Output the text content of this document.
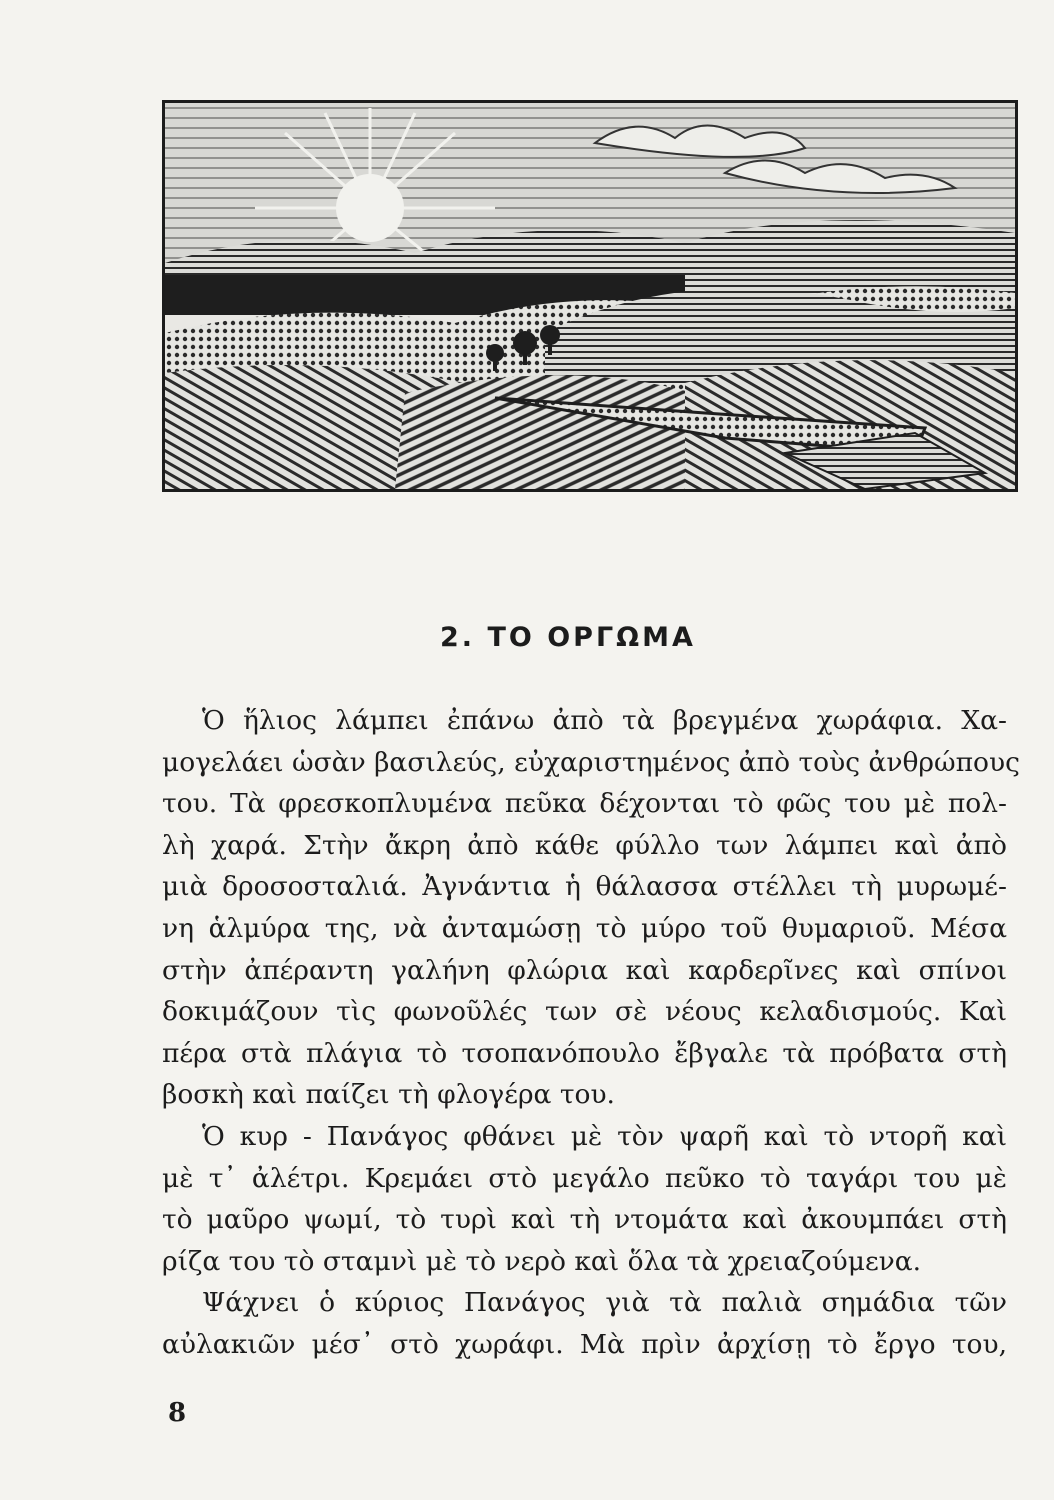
2. ΤΟ ΟΡΓΩΜΑ

Ὁ ἥλιος λάμπει ἐπάνω ἀπὸ τὰ βρεγμένα χωράφια. Χα-
μογελάει ὡσὰν βασιλεύς, εὐχαριστημένος ἀπὸ τοὺς ἀνθρώπους
του. Τὰ φρεσκοπλυμένα πεῦκα δέχονται τὸ φῶς του μὲ πολ-
λὴ χαρά. Στὴν ἄκρη ἀπὸ κάθε φύλλο των λάμπει καὶ ἀπὸ
μιὰ δροσοσταλιά. Ἀγνάντια ἡ θάλασσα στέλλει τὴ μυρωμέ-
νη ἁλμύρα της, νὰ ἀνταμώσῃ τὸ μύρο τοῦ θυμαριοῦ. Μέσα
στὴν ἀπέραντη γαλήνη φλώρια καὶ καρδερῖνες καὶ σπίνοι
δοκιμάζουν τὶς φωνοῦλές των σὲ νέους κελαδισμούς. Καὶ
πέρα στὰ πλάγια τὸ τσοπανόπουλο ἔβγαλε τὰ πρόβατα στὴ
βοσκὴ καὶ παίζει τὴ φλογέρα του.

Ὁ κυρ - Πανάγος φθάνει μὲ τὸν ψαρῆ καὶ τὸ ντορῆ καὶ
μὲ τ᾿ ἀλέτρι. Κρεμάει στὸ μεγάλο πεῦκο τὸ ταγάρι του μὲ
τὸ μαῦρο ψωμί, τὸ τυρὶ καὶ τὴ ντομάτα καὶ ἀκουμπάει στὴ
ρίζα του τὸ σταμνὶ μὲ τὸ νερὸ καὶ ὅλα τὰ χρειαζούμενα.

Ψάχνει ὁ κύριος Πανάγος γιὰ τὰ παλιὰ σημάδια τῶν
αὐλακιῶν μέσ᾿ στὸ χωράφι. Μὰ πρὶν ἀρχίσῃ τὸ ἔργο του,

8
